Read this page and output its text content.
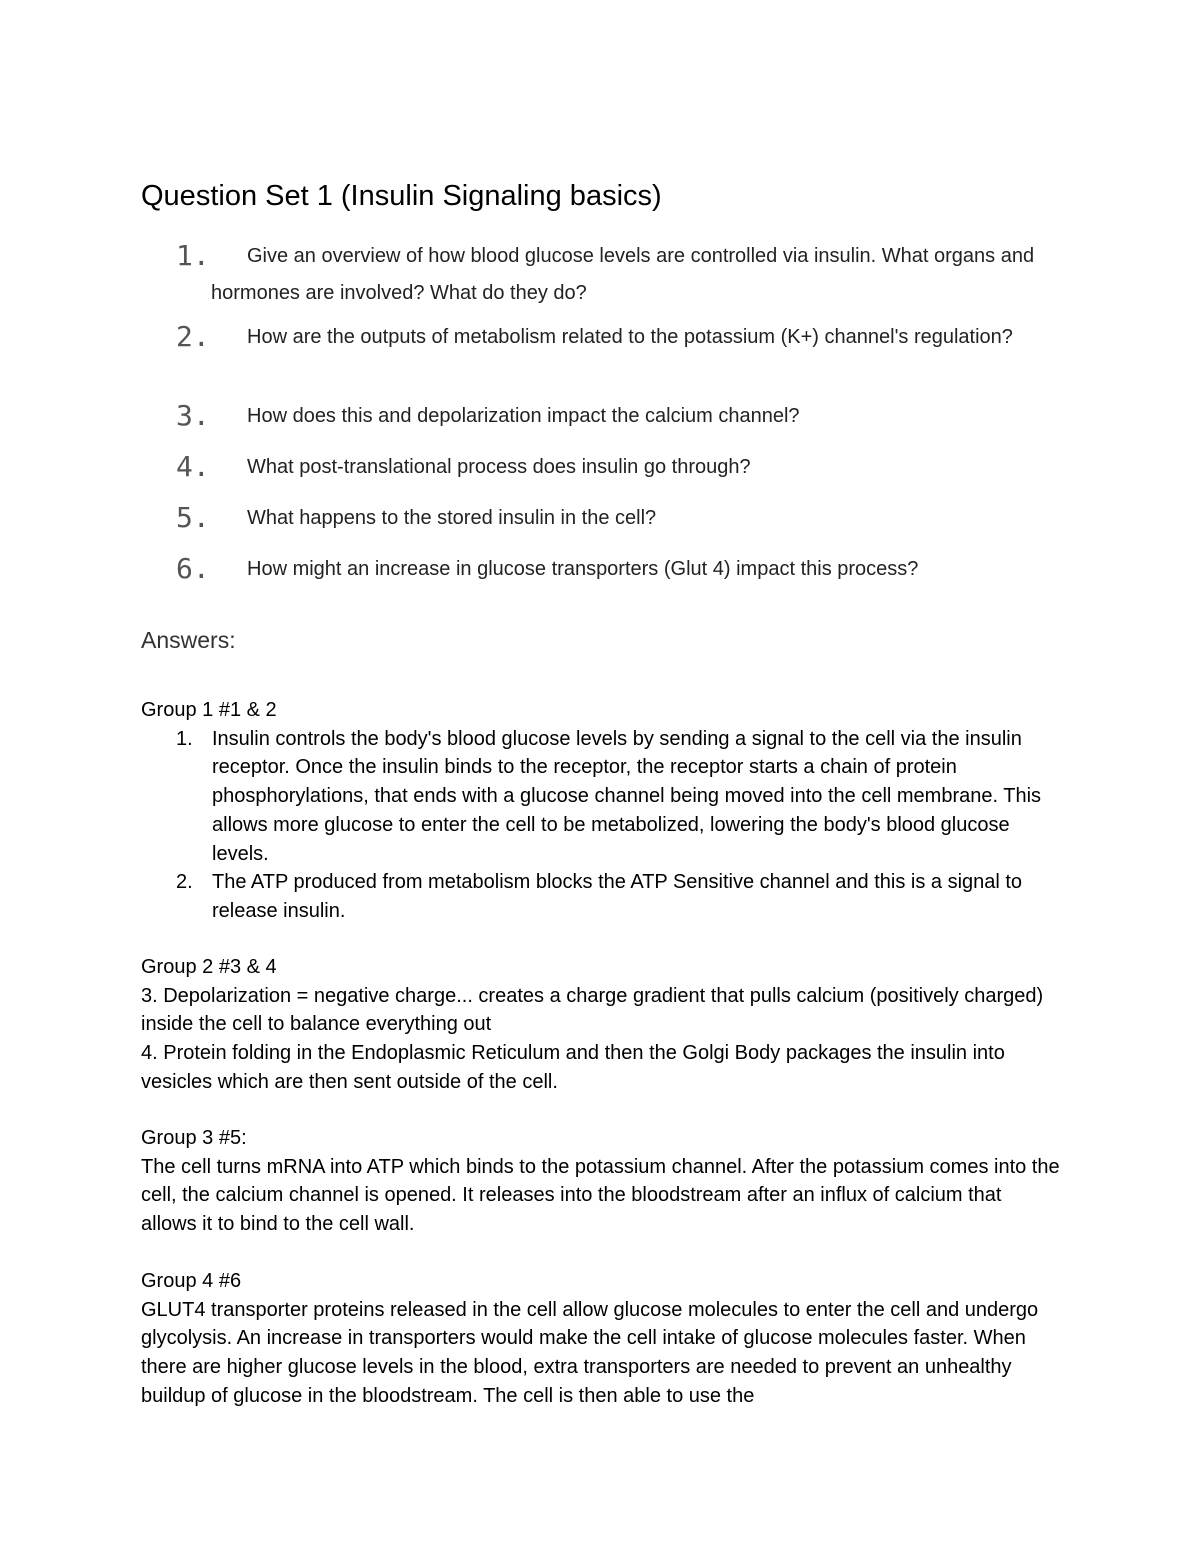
Question Set 1 (Insulin Signaling basics)
1.	Give an overview of how blood glucose levels are controlled via insulin. What organs and hormones are involved? What do they do?
2.	How are the outputs of metabolism related to the potassium (K+) channel's regulation?
3.	How does this and depolarization impact the calcium channel?
4.	What post-translational process does insulin go through?
5.	What happens to the stored insulin in the cell?
6.	How might an increase in glucose transporters (Glut 4) impact this process?
Answers:

Group 1 #1 & 2

1. Insulin controls the body's blood glucose levels by sending a signal to the cell via the insulin receptor. Once the insulin binds to the receptor, the receptor starts a chain of protein phosphorylations, that ends with a glucose channel being moved into the cell membrane. This allows more glucose to enter the cell to be metabolized, lowering the body's blood glucose levels.
2. The ATP produced from metabolism blocks the ATP Sensitive channel and this is a signal to release insulin.

Group 2 #3 & 4

3. Depolarization = negative charge... creates a charge gradient that pulls calcium (positively charged) inside the cell to balance everything out

4. Protein folding in the Endoplasmic Reticulum and then the Golgi Body packages the insulin into vesicles which are then sent outside of the cell.

Group 3 #5:

The cell turns mRNA into ATP which binds to the potassium channel. After the potassium comes into the cell, the calcium channel is opened. It releases into the bloodstream after an influx of calcium that allows it to bind to the cell wall.

Group 4 #6

GLUT4 transporter proteins released in the cell allow glucose molecules to enter the cell and undergo glycolysis. An increase in transporters would make the cell intake of glucose molecules faster. When there are higher glucose levels in the blood, extra transporters are needed to prevent an unhealthy buildup of glucose in the bloodstream. The cell is then able to use the
